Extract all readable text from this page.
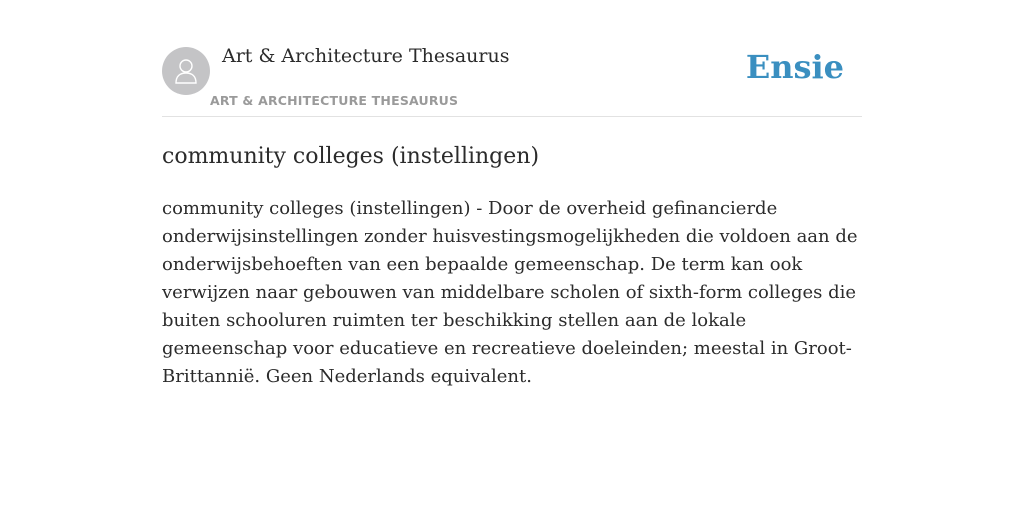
Art & Architecture Thesaurus
ART & ARCHITECTURE THESAURUS
Ensie
community colleges (instellingen)

community colleges (instellingen) - Door de overheid gefinancierde onderwijsinstellingen zonder huisvestingsmogelijkheden die voldoen aan de onderwijsbehoeften van een bepaalde gemeenschap. De term kan ook verwijzen naar gebouwen van middelbare scholen of sixth-form colleges die buiten schooluren ruimten ter beschikking stellen aan de lokale gemeenschap voor educatieve en recreatieve doeleinden; meestal in Groot-Brittannië. Geen Nederlands equivalent.
